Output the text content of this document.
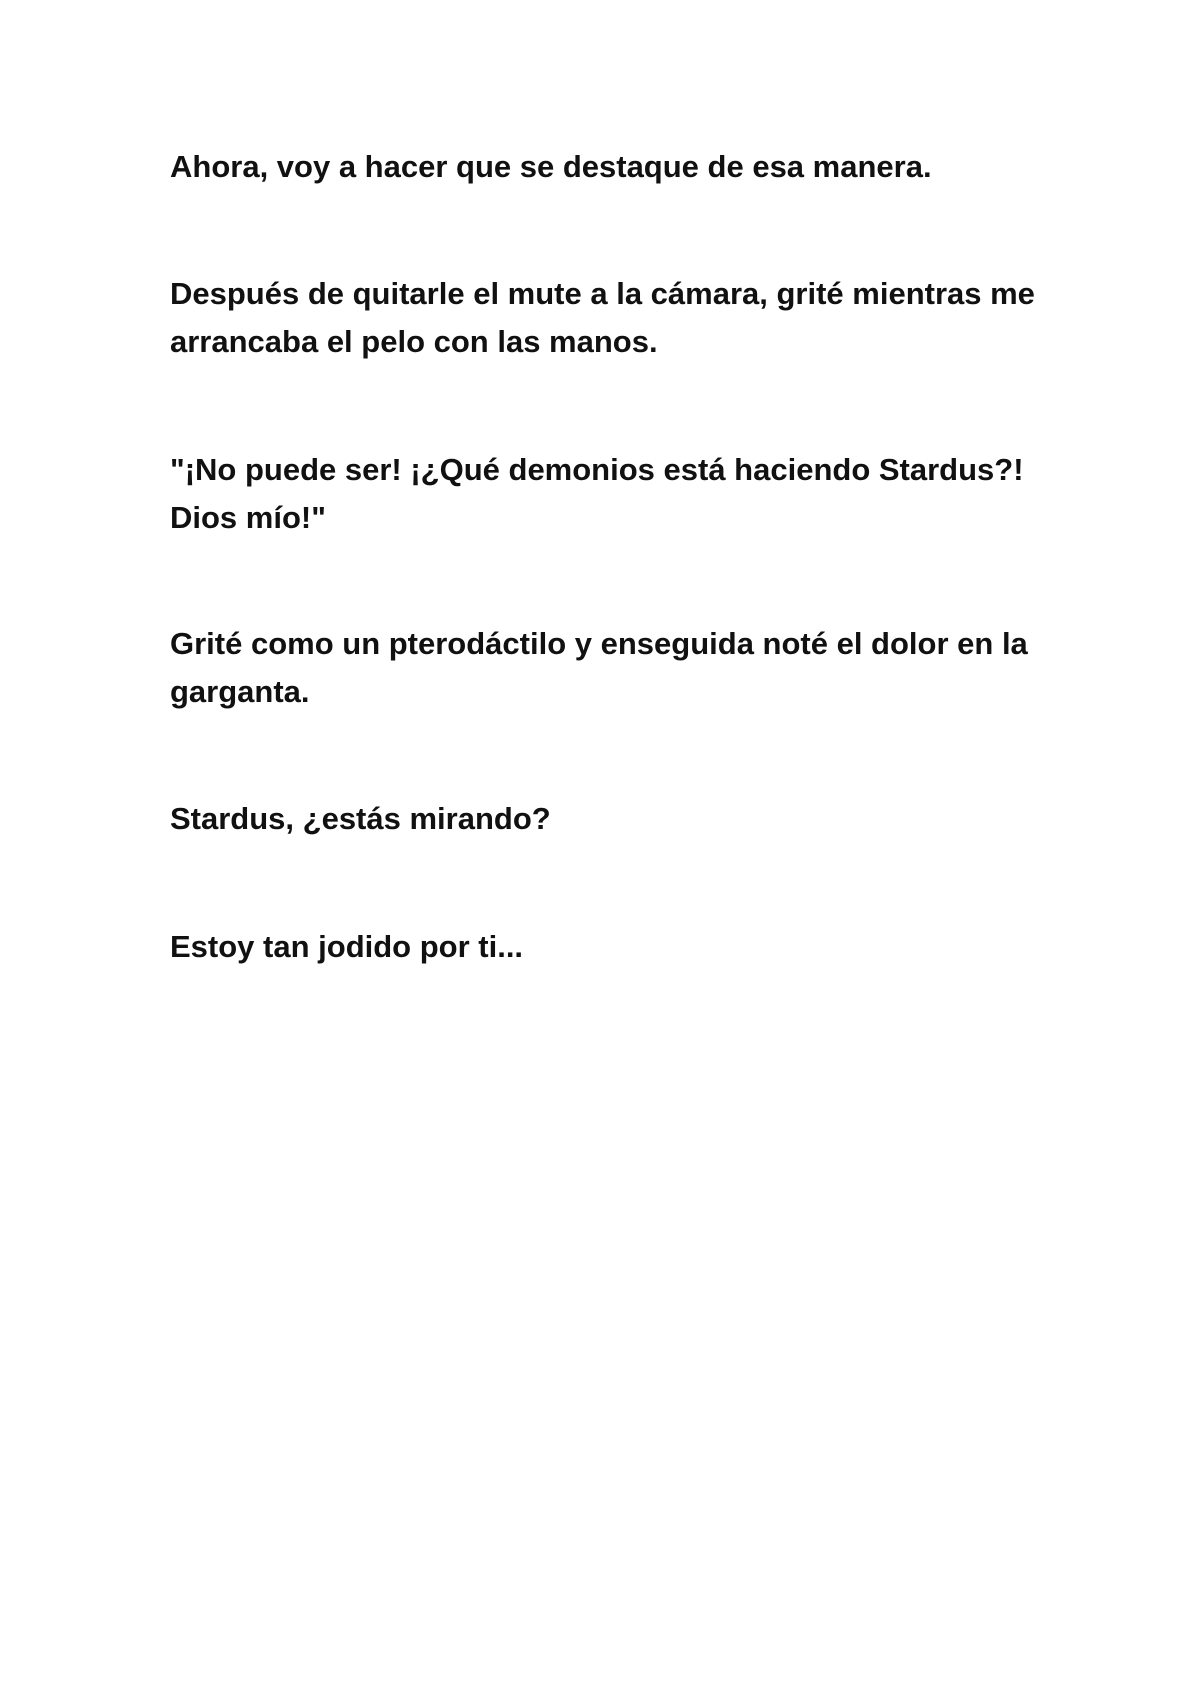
Ahora, voy a hacer que se destaque de esa manera.

Después de quitarle el mute a la cámara, grité mientras me arrancaba el pelo con las manos.

"¡No puede ser! ¡¿Qué demonios está haciendo Stardus?! Dios mío!"

Grité como un pterodáctilo y enseguida noté el dolor en la garganta.

Stardus, ¿estás mirando?

Estoy tan jodido por ti...
